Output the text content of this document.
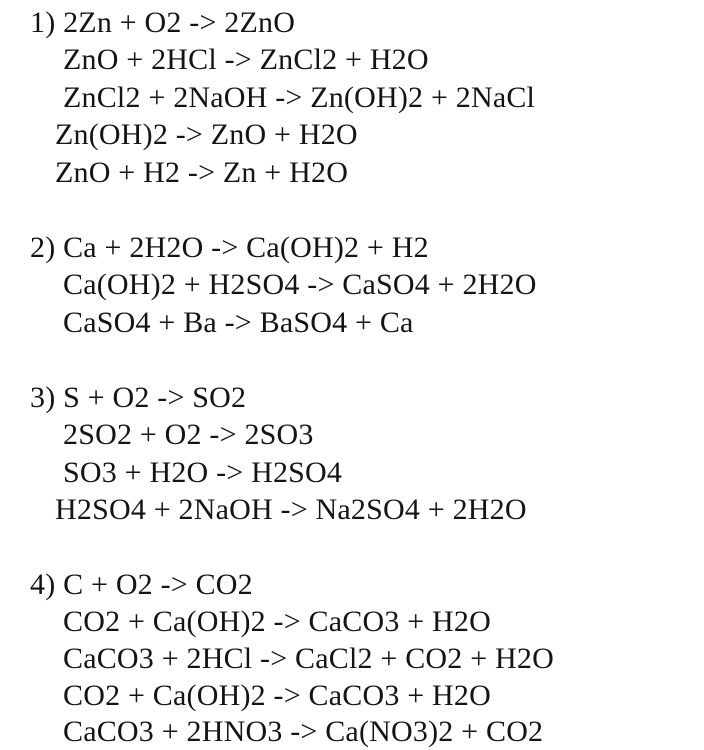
1) 2Zn + O2 -> 2ZnO
ZnO + 2HCl -> ZnCl2 + H2O
ZnCl2 + 2NaOH -> Zn(OH)2 + 2NaCl
Zn(OH)2 -> ZnO + H2O
ZnO + H2 -> Zn + H2O
2) Ca + 2H2O -> Ca(OH)2 + H2
Ca(OH)2 + H2SO4 -> CaSO4 + 2H2O
CaSO4 + Ba -> BaSO4 + Ca
3) S + O2 -> SO2
2SO2 + O2 -> 2SO3
SO3 + H2O -> H2SO4
H2SO4 + 2NaOH -> Na2SO4 + 2H2O
4) C + O2 -> CO2
CO2 + Ca(OH)2 -> CaCO3 + H2O
CaCO3 + 2HCl -> CaCl2 + CO2 + H2O
CO2 + Ca(OH)2 -> CaCO3 + H2O
CaCO3 + 2HNO3 -> Ca(NO3)2 + CO2
